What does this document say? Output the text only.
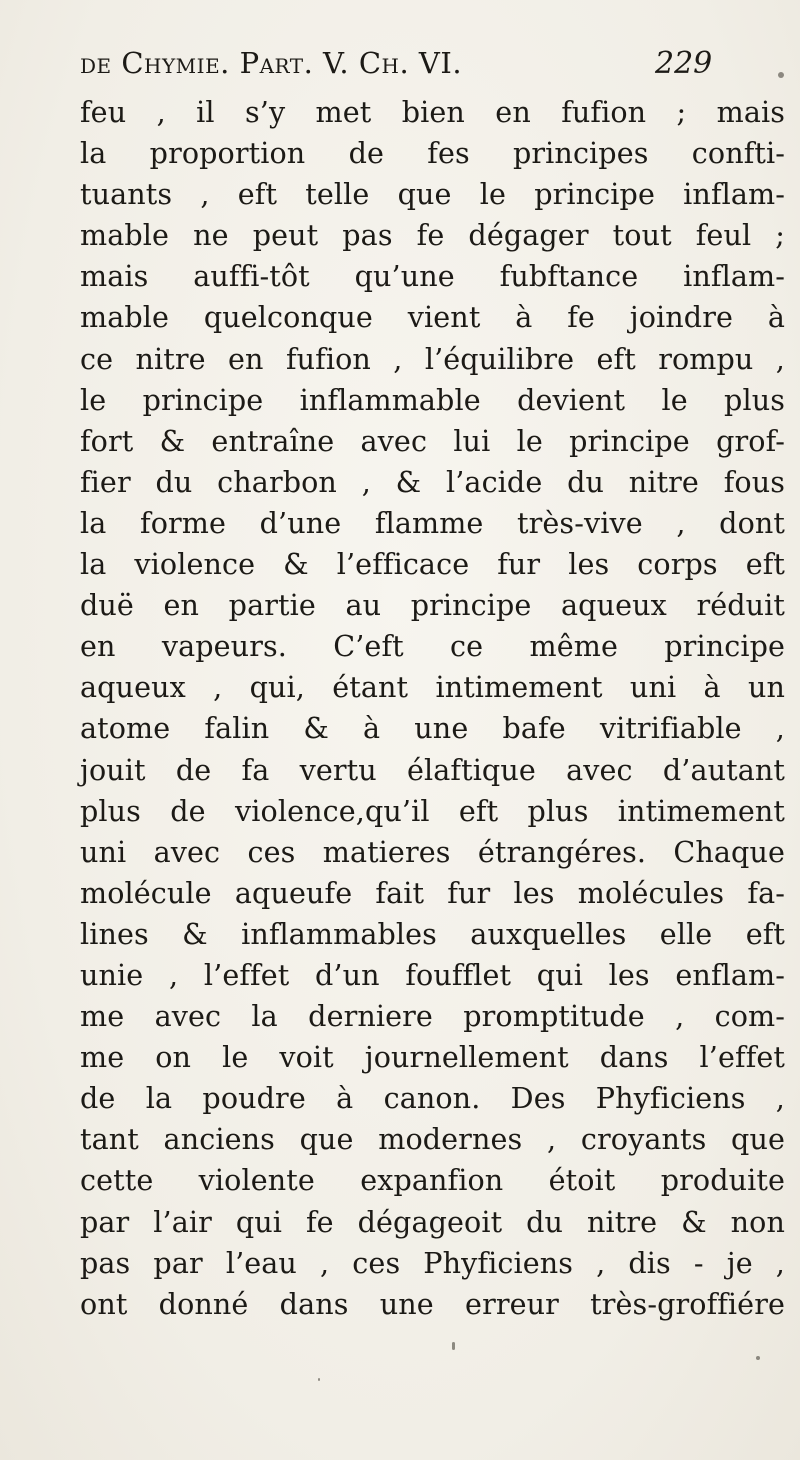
de Chymie. Part. V. Ch. VI.	229
feu , il s’y met bien en fufion ; mais
la proportion de fes principes confti-
tuants , eft telle que le principe inflam-
mable ne peut pas fe dégager tout feul ;
mais auffi-tôt qu’une fubftance inflam-
mable quelconque vient à fe joindre à
ce nitre en fufion , l’équilibre eft rompu ,
le principe inflammable devient le plus
fort & entraîne avec lui le principe grof-
fier du charbon , & l’acide du nitre fous
la forme d’une flamme très-vive , dont
la violence & l’efficace fur les corps eft
duë en partie au principe aqueux réduit
en vapeurs. C’eft ce même principe
aqueux , qui, étant intimement uni à un
atome falin & à une bafe vitrifiable ,
jouit de fa vertu élaftique avec d’autant
plus de violence,qu’il eft plus intimement
uni avec ces matieres étrangéres. Chaque
molécule aqueufe fait fur les molécules fa-
lines & inflammables auxquelles elle eft
unie , l’effet d’un foufflet qui les enflam-
me avec la derniere promptitude , com-
me on le voit journellement dans l’effet
de la poudre à canon. Des Phyficiens ,
tant anciens que modernes , croyants que
cette violente expanfion étoit produite
par l’air qui fe dégageoit du nitre & non
pas par l’eau , ces Phyficiens , dis - je ,
ont donné dans une erreur très-groffiére
